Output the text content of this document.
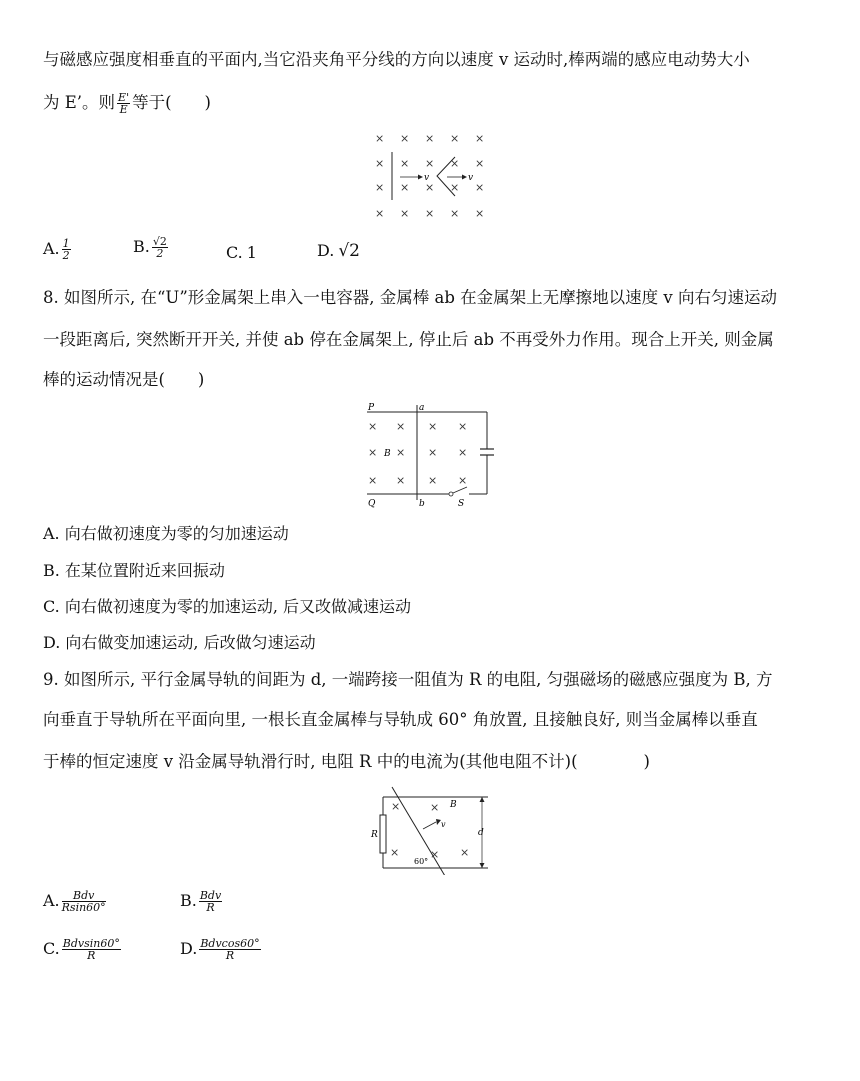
与磁感应强度相垂直的平面内,当它沿夹角平分线的方向以速度 v 运动时,棒两端的感应电动势大小
为 E’。则 $\frac{E'}{E}$ 等于(　　)
× × × × ×
× × × × ×
× × × × ×
× × × × ×
v	v
A. $\frac{1}{2}$	B. $\frac{√2}{2}$	C. 1	D. √2
8. 如图所示, 在“U”形金属架上串入一电容器, 金属棒 ab 在金属架上无摩擦地以速度 v 向右匀速运动
一段距离后, 突然断开开关, 并使 ab 停在金属架上, 停止后 ab 不再受外力作用。现合上开关, 则金属
棒的运动情况是(　　)
P	a
× × × ×
×	× ×
× × × ×
B ×
Q	b	S
A. 向右做初速度为零的匀加速运动
B. 在某位置附近来回振动
C. 向右做初速度为零的加速运动, 后又改做减速运动
D. 向右做变加速运动, 后改做匀速运动
9. 如图所示, 平行金属导轨的间距为 d, 一端跨接一阻值为 R 的电阻, 匀强磁场的磁感应强度为 B, 方
向垂直于导轨所在平面向里, 一根长直金属棒与导轨成 60° 角放置, 且接触良好, 则当金属棒以垂直
于棒的恒定速度 v 沿金属导轨滑行时, 电阻 R 中的电流为(其他电阻不计)(　　　　)
R
v
B
×	×
×	× ×
60°
d
A. $\frac{\text{Bdv}}{Rsin60^\circ}$	B. $\frac{\text{Bdv}}{R}$
C. $\frac{\text{Bdvsin60°}}{R}$	D. $\frac{\text{Bdvcos60°}}{R}$
